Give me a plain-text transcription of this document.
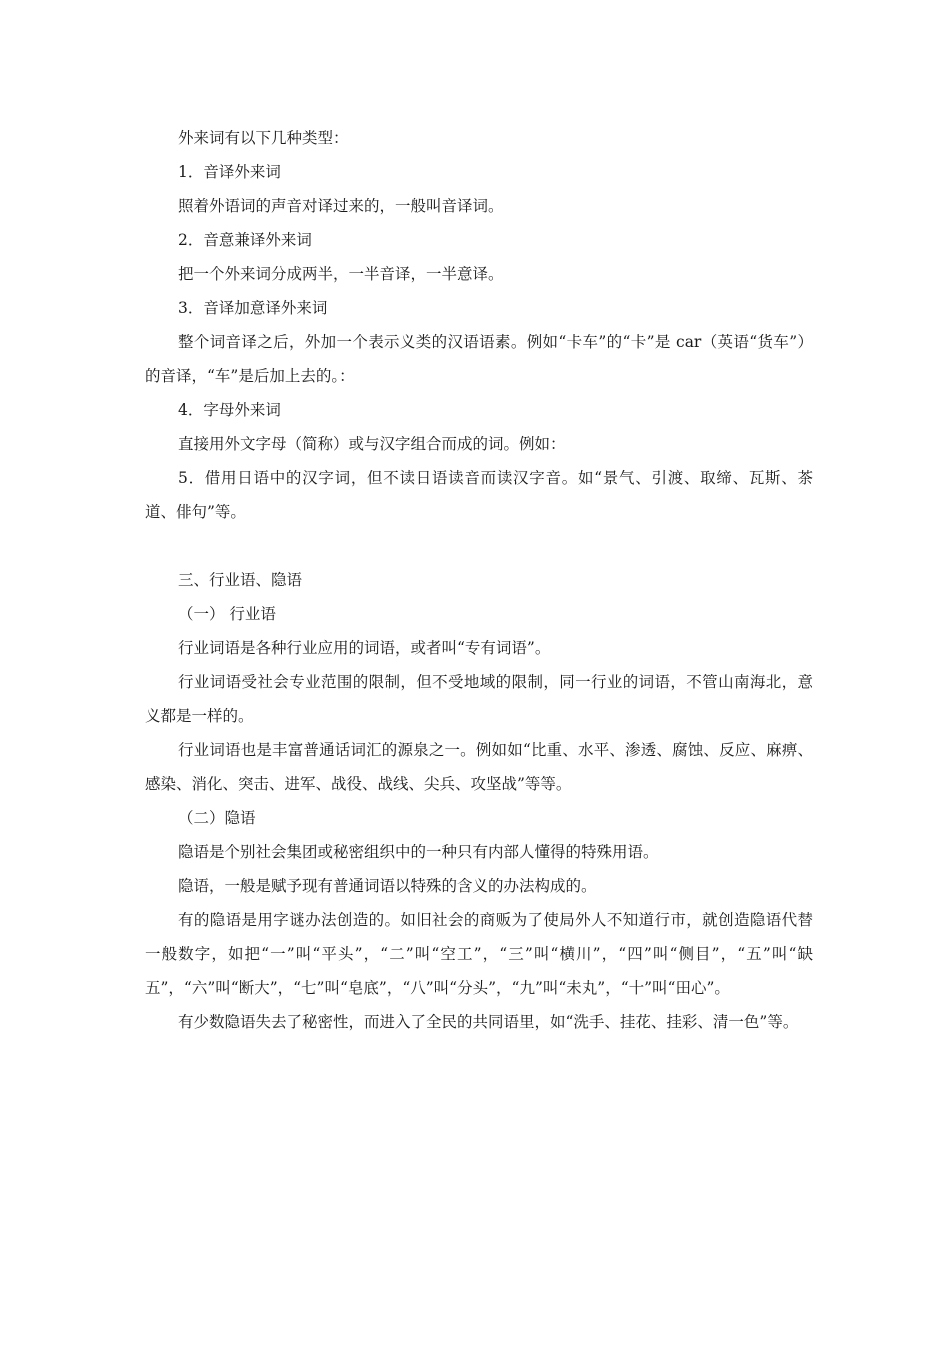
外来词有以下几种类型：

1．音译外来词

照着外语词的声音对译过来的，一般叫音译词。

2．音意兼译外来词

把一个外来词分成两半，一半音译，一半意译。

3．音译加意译外来词

整个词音译之后，外加一个表示义类的汉语语素。例如“卡车”的“卡”是 car（英语“货车”）的音译，“车”是后加上去的。：

4．字母外来词

直接用外文字母（简称）或与汉字组合而成的词。例如：

5．借用日语中的汉字词，但不读日语读音而读汉字音。如“景气、引渡、取缔、瓦斯、茶道、俳句”等。

三、行业语、隐语

（一） 行业语

行业词语是各种行业应用的词语，或者叫“专有词语”。

行业词语受社会专业范围的限制，但不受地域的限制，同一行业的词语，不管山南海北，意义都是一样的。

行业词语也是丰富普通话词汇的源泉之一。例如如“比重、水平、渗透、腐蚀、反应、麻痹、感染、消化、突击、进军、战役、战线、尖兵、攻坚战”等等。

（二）隐语

隐语是个别社会集团或秘密组织中的一种只有内部人懂得的特殊用语。

隐语，一般是赋予现有普通词语以特殊的含义的办法构成的。

有的隐语是用字谜办法创造的。如旧社会的商贩为了使局外人不知道行市，就创造隐语代替一般数字，如把“一”叫“平头”，“二”叫“空工”，“三”叫“横川”，“四”叫“侧目”，“五”叫“缺五”，“六”叫“断大”，“七”叫“皂底”，“八”叫“分头”，“九”叫“未丸”，“十”叫“田心”。

有少数隐语失去了秘密性，而进入了全民的共同语里，如“洗手、挂花、挂彩、清一色”等。
